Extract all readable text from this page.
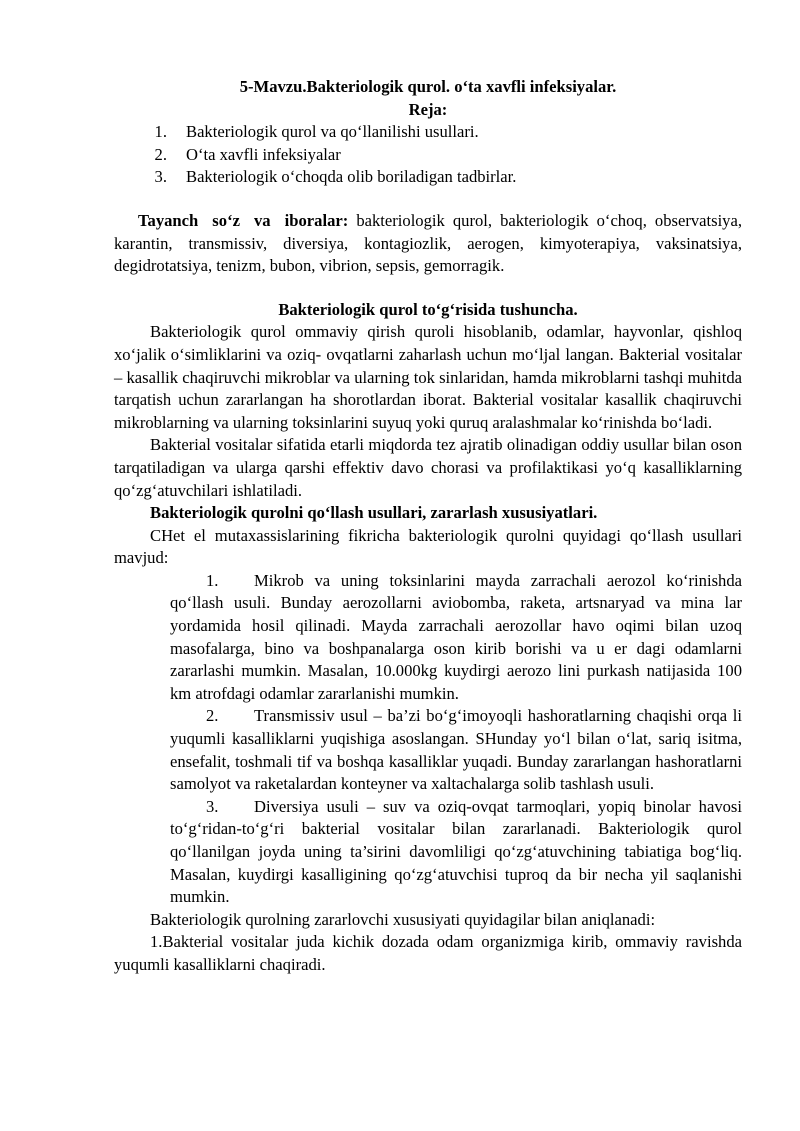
5-Mavzu.Bakteriologik qurol. o‘ta xavfli infeksiyalar.
Reja:
1.	Bakteriologik qurol va qo‘llanilishi usullari.
2.	O‘ta xavfli infeksiyalar
3.	Bakteriologik o‘choqda olib boriladigan tadbirlar.

Tayanch so‘z va iboralar: bakteriologik qurol, bakteriologik o‘choq, observatsiya, karantin, transmissiv, diversiya, kontagiozlik, aerogen, kimyoterapiya, vaksinatsiya, degidrotatsiya, tenizm, bubon, vibrion, sepsis, gemorragik.

Bakteriologik qurol to‘g‘risida tushuncha.

Bakteriologik qurol ommaviy qirish quroli hisoblanib, odamlar, hayvonlar, qishloq xo‘jalik o‘simliklarini va oziq- ovqatlarni zaharlash uchun mo‘ljal langan. Bakterial vositalar – kasallik chaqiruvchi mikroblar va ularning tok sinlaridan, hamda mikroblarni tashqi muhitda tarqatish uchun zararlangan ha shorotlardan iborat. Bakterial vositalar kasallik chaqiruvchi mikroblarning va ularning toksinlarini suyuq yoki quruq aralashmalar ko‘rinishda bo‘ladi.

Bakterial vositalar sifatida etarli miqdorda tez ajratib olinadigan oddiy usullar bilan oson tarqatiladigan va ularga qarshi effektiv davo chorasi va profilaktikasi yo‘q kasalliklarning qo‘zg‘atuvchilari ishlatiladi.

Bakteriologik qurolni qo‘llash usullari, zararlash xususiyatlari.

CHet el mutaxassislarining fikricha bakteriologik qurolni quyidagi qo‘llash usullari mavjud:

1. Mikrob va uning toksinlarini mayda zarrachali aerozol ko‘rinishda qo‘llash usuli. Bunday aerozollarni aviobomba, raketa, artsnaryad va mina lar yordamida hosil qilinadi. Mayda zarrachali aerozollar havo oqimi bilan uzoq masofalarga, bino va boshpanalarga oson kirib borishi va u er dagi odamlarni zararlashi mumkin. Masalan, 10.000kg kuydirgi aerozo lini purkash natijasida 100 km atrofdagi odamlar zararlanishi mumkin.

2. Transmissiv usul – ba’zi bo‘g‘imoyoqli hashoratlarning chaqishi orqa li yuqumli kasalliklarni yuqishiga asoslangan. SHunday yo‘l bilan o‘lat, sariq isitma, ensefalit, toshmali tif va boshqa kasalliklar yuqadi. Bunday zararlangan hashoratlarni samolyot va raketalardan konteyner va xaltachalarga solib tashlash usuli.

3. Diversiya usuli – suv va oziq-ovqat tarmoqlari, yopiq binolar havosi to‘g‘ridan-to‘g‘ri bakterial vositalar bilan zararlanadi. Bakteriologik qurol qo‘llanilgan joyda uning ta’sirini davomliligi qo‘zg‘atuvchining tabiatiga bog‘liq. Masalan, kuydirgi kasalligining qo‘zg‘atuvchisi tuproq da bir necha yil saqlanishi mumkin.

Bakteriologik qurolning zararlovchi xususiyati quyidagilar bilan aniqlanadi:

1.Bakterial vositalar juda kichik dozada odam organizmiga kirib, ommaviy ravishda yuqumli kasalliklarni chaqiradi.
